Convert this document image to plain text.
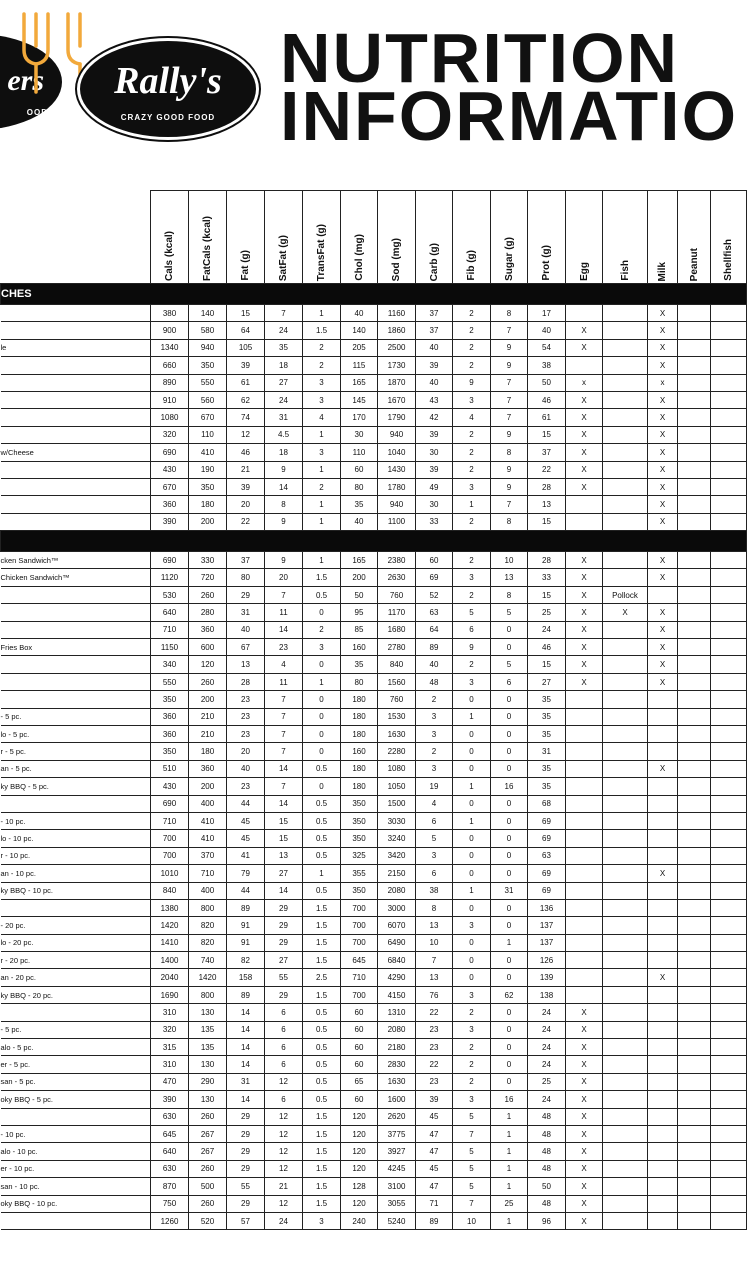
ers
OOD
Rally's
CRAZY GOOD FOOD
NUTRITION
INFORMATIO
	Cals (kcal)	FatCals (kcal)	Fat (g)	SatFat (g)	TransFat (g)	Chol (mg)	Sod (mg)	Carb (g)	Fib (g)	Sugar (g)	Prot (g)	Egg	Fish	Milk	Peanut	Shellfish
CHES																
	380	140	15	7	1	40	1160	37	2	8	17			X		
	900	580	64	24	1.5	140	1860	37	2	7	40	X		X		
le	1340	940	105	35	2	205	2500	40	2	9	54	X		X		
	660	350	39	18	2	115	1730	39	2	9	38			X		
	890	550	61	27	3	165	1870	40	9	7	50	x		x		
	910	560	62	24	3	145	1670	43	3	7	46	X		X		
	1080	670	74	31	4	170	1790	42	4	7	61	X		X		
	320	110	12	4.5	1	30	940	39	2	9	15	X		X		
w/Cheese	690	410	46	18	3	110	1040	30	2	8	37	X		X		
	430	190	21	9	1	60	1430	39	2	9	22	X		X		
	670	350	39	14	2	80	1780	49	3	9	28	X		X		
	360	180	20	8	1	35	940	30	1	7	13			X		
	390	200	22	9	1	40	1100	33	2	8	15			X		

cken Sandwich™	690	330	37	9	1	165	2380	60	2	10	28	X		X		
Chicken Sandwich™	1120	720	80	20	1.5	200	2630	69	3	13	33	X		X		
	530	260	29	7	0.5	50	760	52	2	8	15	X	Pollock			
	640	280	31	11	0	95	1170	63	5	5	25	X	X	X		
	710	360	40	14	2	85	1680	64	6	0	24	X		X		
Fries Box	1150	600	67	23	3	160	2780	89	9	0	46	X		X		
	340	120	13	4	0	35	840	40	2	5	15	X		X		
	550	260	28	11	1	80	1560	48	3	6	27	X		X		
	350	200	23	7	0	180	760	2	0	0	35					
- 5 pc.	360	210	23	7	0	180	1530	3	1	0	35					
lo - 5 pc.	360	210	23	7	0	180	1630	3	0	0	35					
r - 5 pc.	350	180	20	7	0	160	2280	2	0	0	31					
an - 5 pc.	510	360	40	14	0.5	180	1080	3	0	0	35			X		
ky BBQ - 5 pc.	430	200	23	7	0	180	1050	19	1	16	35					
	690	400	44	14	0.5	350	1500	4	0	0	68					
- 10 pc.	710	410	45	15	0.5	350	3030	6	1	0	69					
lo - 10 pc.	700	410	45	15	0.5	350	3240	5	0	0	69					
r - 10 pc.	700	370	41	13	0.5	325	3420	3	0	0	63					
an - 10 pc.	1010	710	79	27	1	355	2150	6	0	0	69			X		
ky BBQ - 10 pc.	840	400	44	14	0.5	350	2080	38	1	31	69					
	1380	800	89	29	1.5	700	3000	8	0	0	136					
- 20 pc.	1420	820	91	29	1.5	700	6070	13	3	0	137					
lo - 20 pc.	1410	820	91	29	1.5	700	6490	10	0	1	137					
r - 20 pc.	1400	740	82	27	1.5	645	6840	7	0	0	126					
an - 20 pc.	2040	1420	158	55	2.5	710	4290	13	0	0	139			X		
ky BBQ - 20 pc.	1690	800	89	29	1.5	700	4150	76	3	62	138					
	310	130	14	6	0.5	60	1310	22	2	0	24	X				
- 5 pc.	320	135	14	6	0.5	60	2080	23	3	0	24	X				
alo - 5 pc.	315	135	14	6	0.5	60	2180	23	2	0	24	X				
er - 5 pc.	310	130	14	6	0.5	60	2830	22	2	0	24	X				
san - 5 pc.	470	290	31	12	0.5	65	1630	23	2	0	25	X				
oky BBQ - 5 pc.	390	130	14	6	0.5	60	1600	39	3	16	24	X				
	630	260	29	12	1.5	120	2620	45	5	1	48	X				
- 10 pc.	645	267	29	12	1.5	120	3775	47	7	1	48	X				
alo - 10 pc.	640	267	29	12	1.5	120	3927	47	5	1	48	X				
er - 10 pc.	630	260	29	12	1.5	120	4245	45	5	1	48	X				
san - 10 pc.	870	500	55	21	1.5	128	3100	47	5	1	50	X				
oky BBQ - 10 pc.	750	260	29	12	1.5	120	3055	71	7	25	48	X				
	1260	520	57	24	3	240	5240	89	10	1	96	X				
